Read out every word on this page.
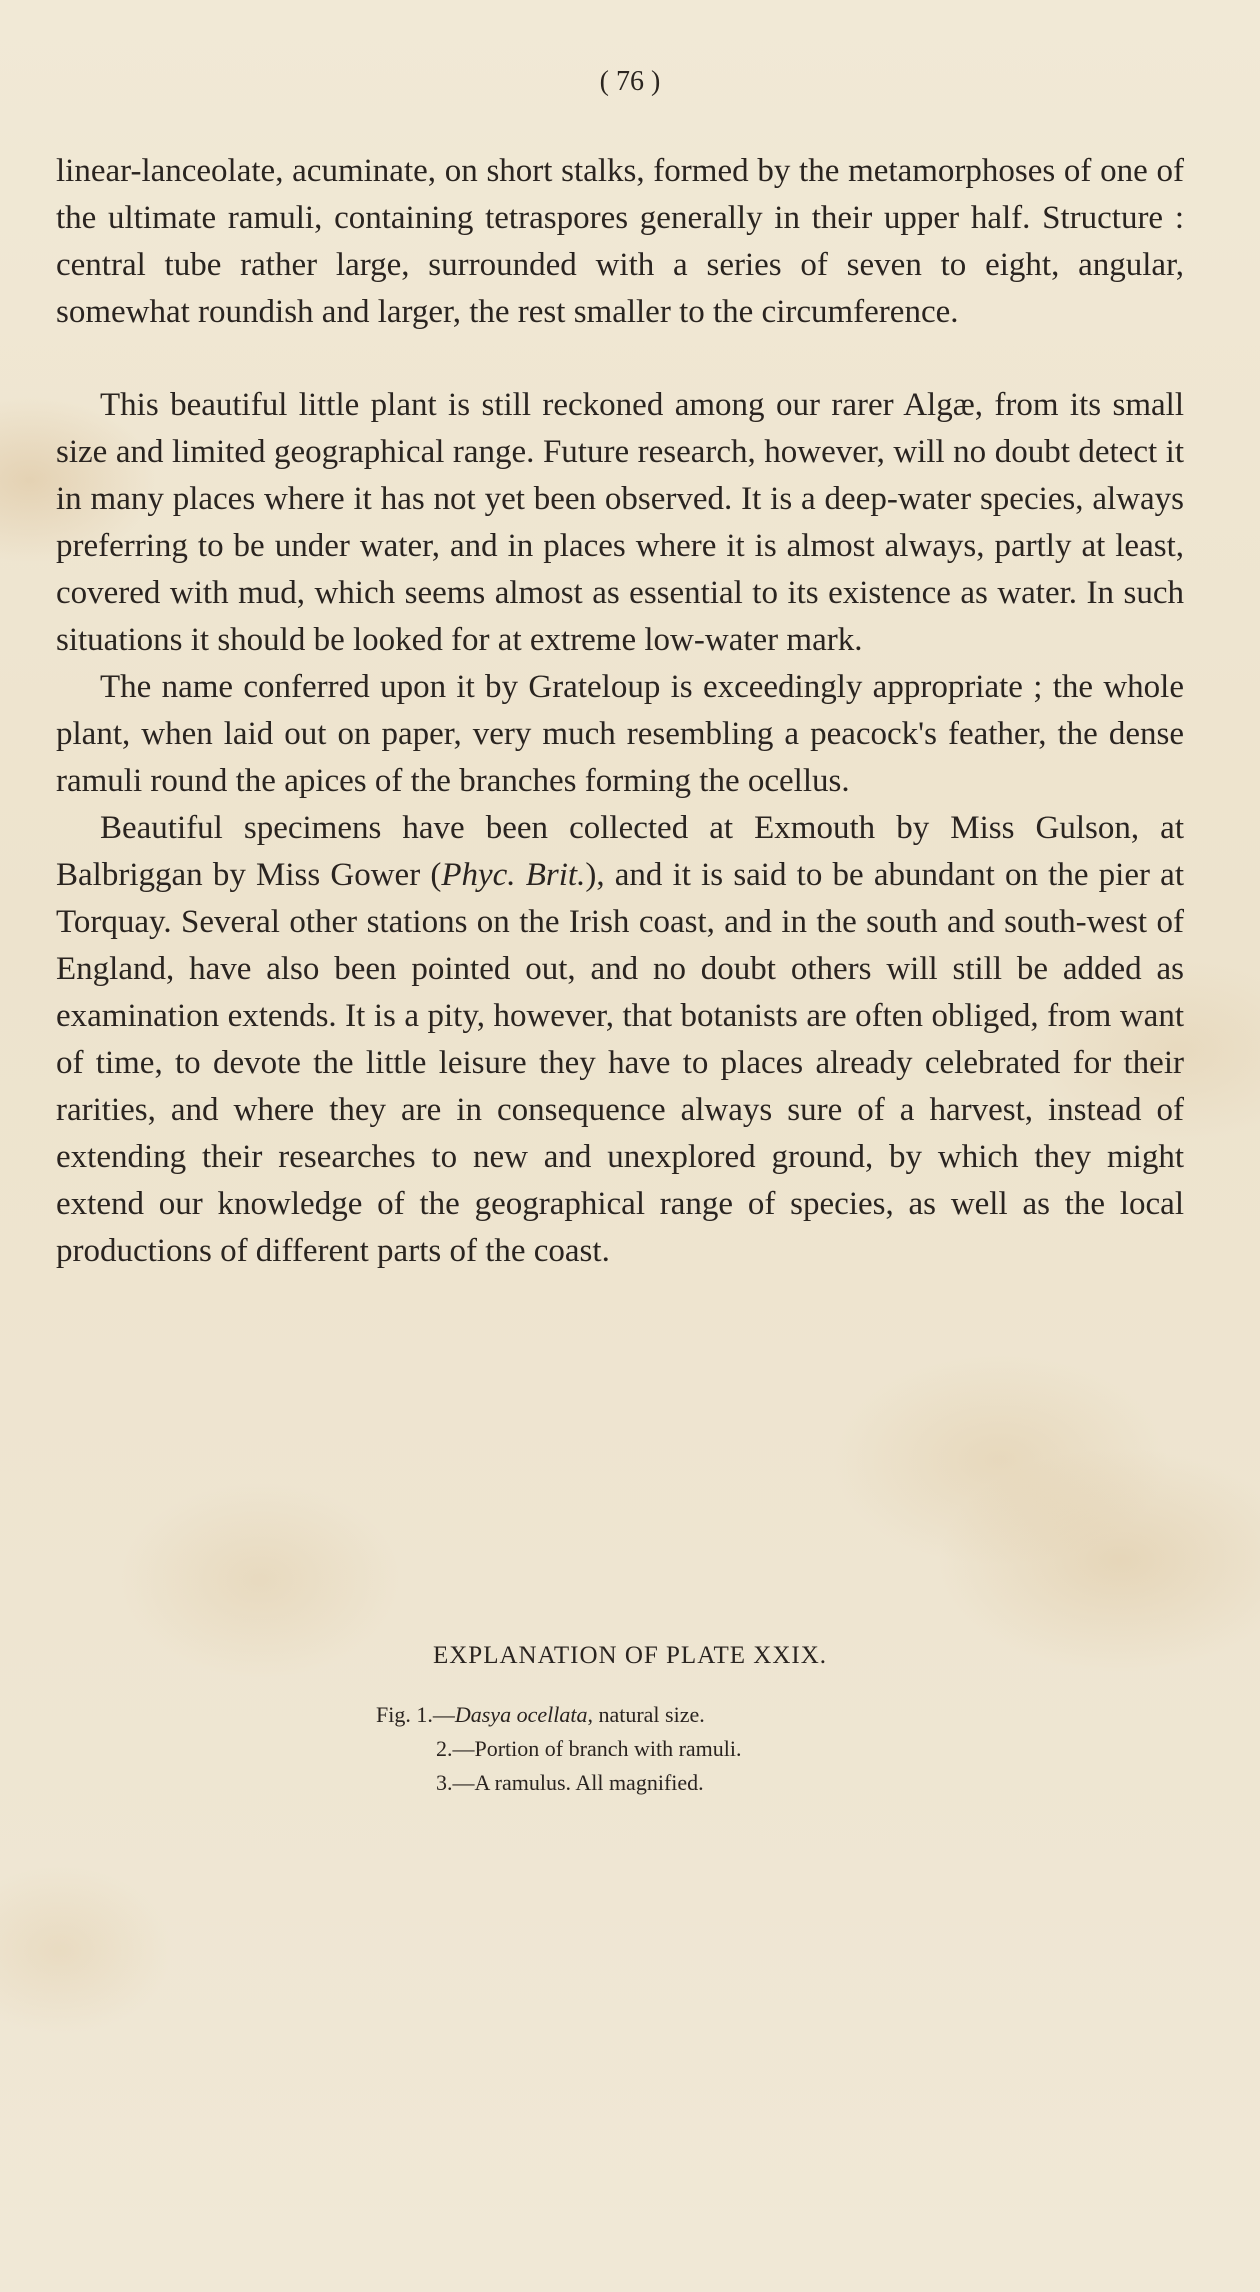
( 76 )

linear-lanceolate, acuminate, on short stalks, formed by the metamorphoses of one of the ultimate ramuli, containing tetraspores generally in their upper half. Structure : central tube rather large, surrounded with a series of seven to eight, angular, somewhat roundish and larger, the rest smaller to the circumference.

This beautiful little plant is still reckoned among our rarer Algæ, from its small size and limited geographical range. Future research, however, will no doubt detect it in many places where it has not yet been observed. It is a deep-water species, always preferring to be under water, and in places where it is almost always, partly at least, covered with mud, which seems almost as essential to its existence as water. In such situations it should be looked for at extreme low-water mark.

The name conferred upon it by Grateloup is exceedingly appropriate ; the whole plant, when laid out on paper, very much resembling a peacock's feather, the dense ramuli round the apices of the branches forming the ocellus.

Beautiful specimens have been collected at Exmouth by Miss Gulson, at Balbriggan by Miss Gower (Phyc. Brit.), and it is said to be abundant on the pier at Torquay. Several other stations on the Irish coast, and in the south and south-west of England, have also been pointed out, and no doubt others will still be added as examination extends. It is a pity, however, that botanists are often obliged, from want of time, to devote the little leisure they have to places already celebrated for their rarities, and where they are in consequence always sure of a harvest, instead of extending their researches to new and unexplored ground, by which they might extend our knowledge of the geographical range of species, as well as the local productions of different parts of the coast.

EXPLANATION OF PLATE XXIX.
Fig. 1.—Dasya ocellata, natural size.
2.—Portion of branch with ramuli.
3.—A ramulus. All magnified.
